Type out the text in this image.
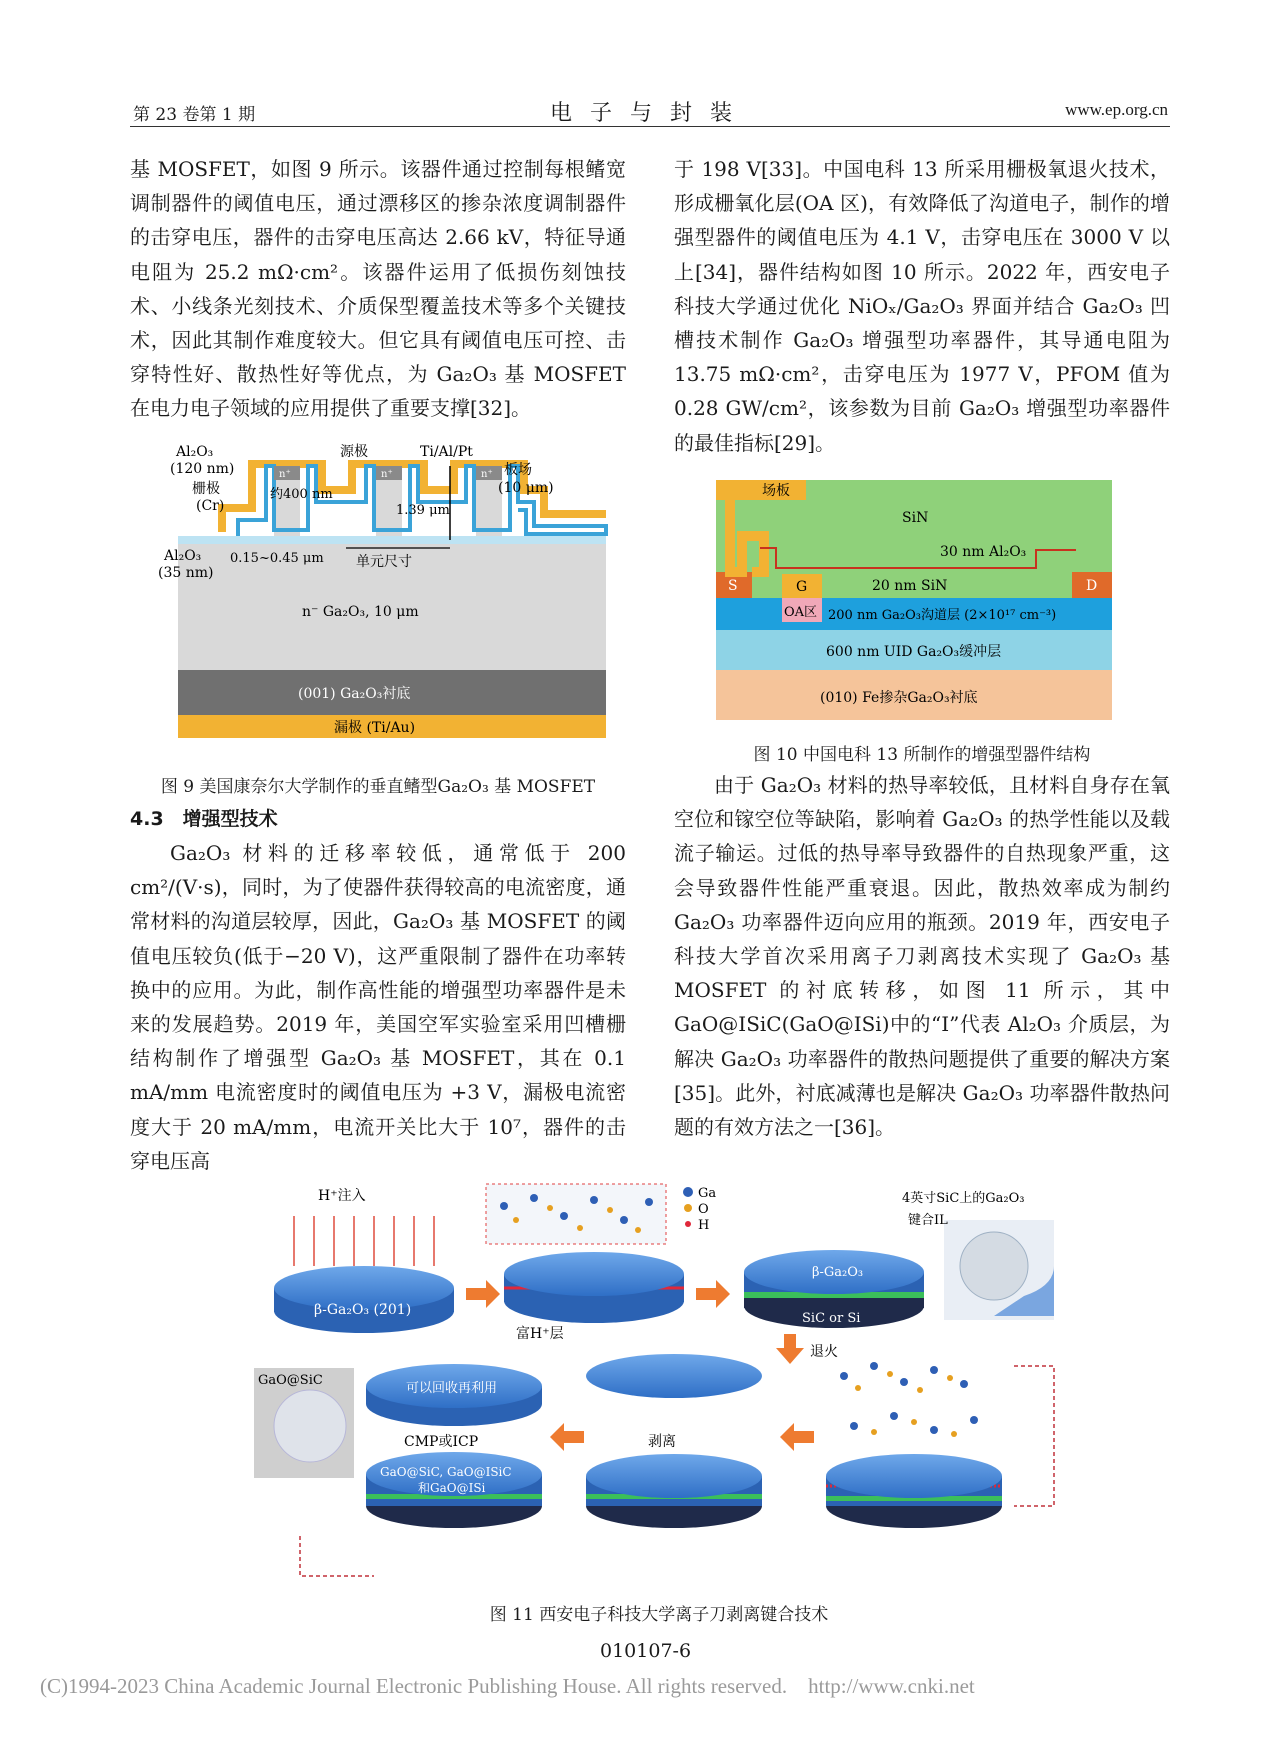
第 23 卷第 1 期	电子与封装	www.ep.org.cn

基 MOSFET，如图 9 所示。该器件通过控制每根鳍宽调制器件的阈值电压，通过漂移区的掺杂浓度调制器件的击穿电压，器件的击穿电压高达 2.66 kV，特征导通电阻为 25.2 mΩ·cm²。该器件运用了低损伤刻蚀技术、小线条光刻技术、介质保型覆盖技术等多个关键技术，因此其制作难度较大。但它具有阈值电压可控、击穿特性好、散热性好等优点，为 Ga₂O₃ 基 MOSFET 在电力电子领域的应用提供了重要支撑[32]。

n⁺	n⁺	n⁺
Al₂O₃
(120 nm)
栅极
(Cr)
源极	Ti/Al/Pt
板场
(10 μm)
约400 nm
1.39 μm
Al₂O₃
(35 nm)
0.15~0.45 μm 单元尺寸
n⁻ Ga₂O₃, 10 μm
(001) Ga₂O₃衬底
漏极 (Ti/Au)
图 9 美国康奈尔大学制作的垂直鳍型Ga₂O₃ 基 MOSFET
4.3　增强型技术

Ga₂O₃ 材料的迁移率较低，通常低于 200 cm²/(V·s)，同时，为了使器件获得较高的电流密度，通常材料的沟道层较厚，因此，Ga₂O₃ 基 MOSFET 的阈值电压较负(低于−20 V)，这严重限制了器件在功率转换中的应用。为此，制作高性能的增强型功率器件是未来的发展趋势。2019 年，美国空军实验室采用凹槽栅结构制作了增强型 Ga₂O₃ 基 MOSFET，其在 0.1 mA/mm 电流密度时的阈值电压为 +3 V，漏极电流密度大于 20 mA/mm，电流开关比大于 10⁷，器件的击穿电压高

于 198 V[33]。中国电科 13 所采用栅极氧退火技术，形成栅氧化层(OA 区)，有效降低了沟道电子，制作的增强型器件的阈值电压为 4.1 V，击穿电压在 3000 V 以上[34]，器件结构如图 10 所示。2022 年，西安电子科技大学通过优化 NiOₓ/Ga₂O₃ 界面并结合 Ga₂O₃ 凹槽技术制作 Ga₂O₃ 增强型功率器件，其导通电阻为 13.75 mΩ·cm²，击穿电压为 1977 V，PFOM 值为 0.28 GW/cm²，该参数为目前 Ga₂O₃ 增强型功率器件的最佳指标[29]。

场板
SiN
30 nm Al₂O₃
20 nm SiN
S	G	D
OA区 200 nm Ga₂O₃沟道层 (2×10¹⁷ cm⁻³)
600 nm UID Ga₂O₃缓冲层
(010) Fe掺杂Ga₂O₃衬底
图 10 中国电科 13 所制作的增强型器件结构

由于 Ga₂O₃ 材料的热导率较低，且材料自身存在氧空位和镓空位等缺陷，影响着 Ga₂O₃ 的热学性能以及载流子输运。过低的热导率导致器件的自热现象严重，这会导致器件性能严重衰退。因此，散热效率成为制约 Ga₂O₃ 功率器件迈向应用的瓶颈。2019 年，西安电子科技大学首次采用离子刀剥离技术实现了 Ga₂O₃ 基 MOSFET 的衬底转移，如图 11 所示，其中 GaO@ISiC(GaO@ISi)中的“I”代表 Al₂O₃ 介质层，为解决 Ga₂O₃ 功率器件的散热问题提供了重要的解决方案[35]。此外，衬底减薄也是解决 Ga₂O₃ 功率器件散热问题的有效方法之一[36]。

H⁺注入
β-Ga₂O₃ (2̄01)
富H⁺层
Ga
O
H
β-Ga₂O₃
SiC or Si
4英寸SiC上的Ga₂O₃
键合IL
退火
GaO@SiC
可以回收再利用
CMP或ICP
GaO@SiC, GaO@ISiC
和GaO@ISi
剥离
图 11 西安电子科技大学离子刀剥离键合技术
010107-6
(C)1994-2023 China Academic Journal Electronic Publishing House. All rights reserved.    http://www.cnki.net
